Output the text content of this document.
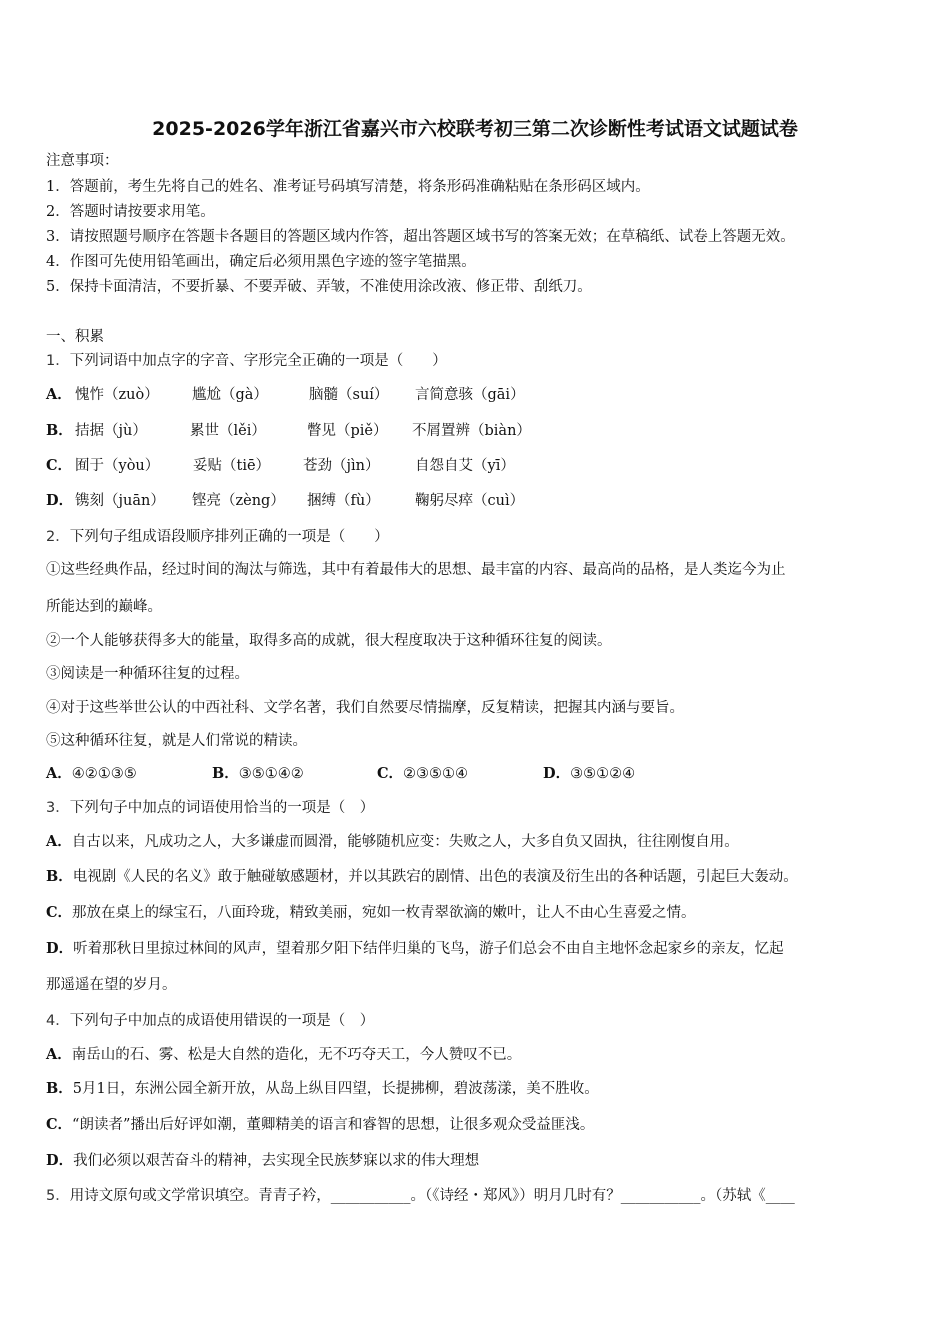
2025-2026学年浙江省嘉兴市六校联考初三第二次诊断性考试语文试题试卷
注意事项：
1．答题前，考生先将自己的姓名、准考证号码填写清楚，将条形码准确粘贴在条形码区域内。
2．答题时请按要求用笔。
3．请按照题号顺序在答题卡各题目的答题区域内作答，超出答题区域书写的答案无效；在草稿纸、试卷上答题无效。
4．作图可先使用铅笔画出，确定后必须用黑色字迹的签字笔描黑。
5．保持卡面清洁，不要折暴、不要弄破、弄皱，不准使用涂改液、修正带、刮纸刀。
一、积累
1．下列词语中加点字的字音、字形完全正确的一项是（　　）
A． 愧怍（zuò） 尴尬（gà）	脑髓（suí） 言简意骇（gāi）
B． 拮据（jù）	累世（lěi）	瞥见（piě） 不屑置辨（biàn）
C． 囿于（yòu） 妥贴（tiē） 苍劲（jìn） 自怨自艾（yī）
D． 镌刻（juān） 铿亮（zèng） 捆缚（fù） 鞠躬尽瘁（cuì）
2．下列句子组成语段顺序排列正确的一项是（　　）
①这些经典作品，经过时间的淘汰与筛选，其中有着最伟大的思想、最丰富的内容、最高尚的品格，是人类迄今为止
所能达到的巅峰。
②一个人能够获得多大的能量，取得多高的成就，很大程度取决于这种循环往复的阅读。
③阅读是一种循环往复的过程。
④对于这些举世公认的中西社科、文学名著，我们自然要尽情揣摩，反复精读，把握其内涵与要旨。
⑤这种循环往复，就是人们常说的精读。
A．④②①③⑤	B．③⑤①④②	C．②③⑤①④	D．③⑤①②④
3．下列句子中加点的词语使用恰当的一项是（　）
A．自古以来，凡成功之人，大多谦虚而圆滑，能够随机应变：失败之人，大多自负又固执，往往刚愎自用。
B．电视剧《人民的名义》敢于触碰敏感题材，并以其跌宕的剧情、出色的表演及衍生出的各种话题，引起巨大轰动。
C．那放在桌上的绿宝石，八面玲珑，精致美丽，宛如一枚青翠欲滴的嫩叶，让人不由心生喜爱之情。
D．听着那秋日里掠过林间的风声，望着那夕阳下结伴归巢的飞鸟，游子们总会不由自主地怀念起家乡的亲友，忆起
那遥遥在望的岁月。
4．下列句子中加点的成语使用错误的一项是（　）
A．南岳山的石、雾、松是大自然的造化，无不巧夺天工，今人赞叹不已。
B．5月1日，东洲公园全新开放，从岛上纵目四望，长提拂柳，碧波荡漾，美不胜收。
C．“朗读者”播出后好评如潮，董卿精美的语言和睿智的思想，让很多观众受益匪浅。
D．我们必须以艰苦奋斗的精神，去实现全民族梦寐以求的伟大理想
5．用诗文原句或文学常识填空。青青子衿，___________。（《诗经・郑风》）明月几时有？___________。（苏轼《____
